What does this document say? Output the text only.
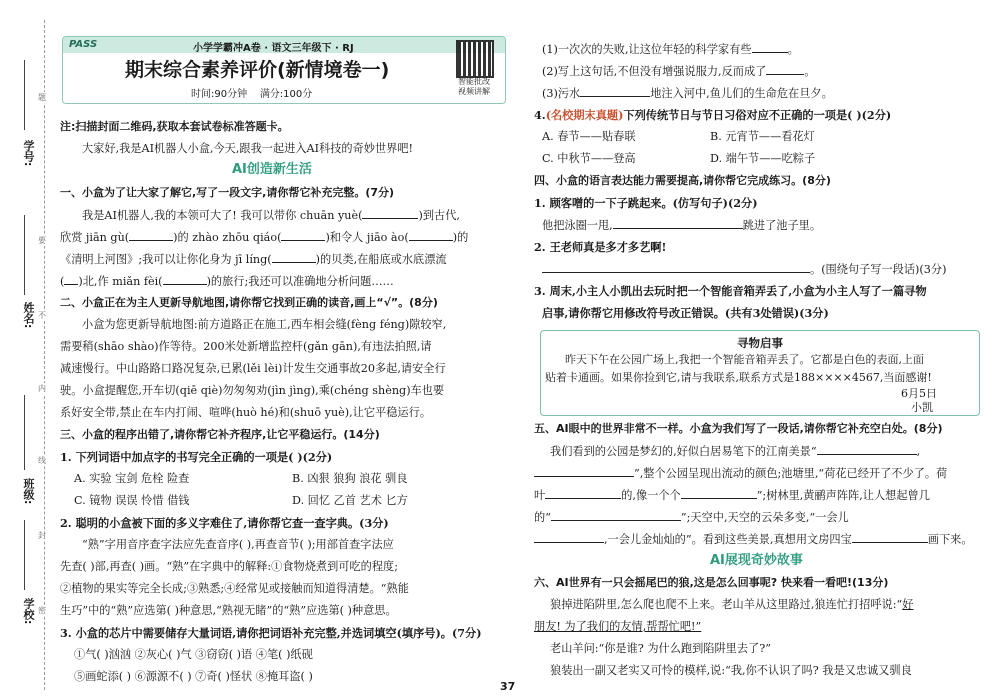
学号:
姓名:
班级:
学校:
题
要
不
内
线
封
密
PASS	小学学霸冲A卷 · 语文三年级下 · RJ
期末综合素养评价(新情境卷一)
时间:90分钟 满分:100分
智能批改
视频讲解
注:扫描封面二维码,获取本套试卷标准答题卡。
大家好,我是AI机器人小盒,今天,跟我一起进入AI科技的奇妙世界吧!
AI创造新生活
一、小盒为了让大家了解它,写了一段文字,请你帮它补充完整。(7分)
我是AI机器人,我的本领可大了! 我可以带你 chuān yuè(	)到古代,
欣赏 jiān gù(	)的 zhào zhōu qiáo(	)和令人 jiāo ào(	)的
《清明上河图》;我可以让你化身为 jī líng(	)的贝类,在船底或水底漂流
( )北,作 miǎn fèi(	)的旅行;我还可以准确地分析问题……
二、小盒正在为主人更新导航地图,请你帮它找到正确的读音,画上“√”。(8分)
小盒为您更新导航地图:前方道路正在施工,西车相会缝(fèng féng)隙较窄,
需要稍(shāo shào)作等待。200米处新增监控杆(gǎn gān),有违法拍照,请
减速慢行。中山路路口路况复杂,已累(lěi lèi)计发生交通事故20多起,请安全行
驶。小盒提醒您,开车切(qiē qiè)勿匆匆劝(jìn jìng),乘(chéng shèng)车也要
系好安全带,禁止在车内打闹、喧哗(huò hé)和(shuō yuè),让它平稳运行。
三、小盒的程序出错了,请你帮它补齐程序,让它平稳运行。(14分)
1. 下列词语中加点字的书写完全正确的一项是( )(2分)
A. 实验 宝剑 危栓 险查	B. 凶狠 狼狗 浪花 驯良
C. 镜物 误误 怜惜 借钱	D. 回忆 乙首 艺术 匕方
2. 聪明的小盒被下面的多义字难住了,请你帮它查一查字典。(3分)
“熟”字用音序查字法应先查音序( ),再查音节( );用部首查字法应
先查( )部,再查( )画。“熟”在字典中的解释:①食物烧煮到可吃的程度;
②植物的果实等完全长成;③熟悉;④经常见或接触而知道得清楚。“熟能
生巧”中的“熟”应选第( )种意思,“熟视无睹”的“熟”应选第( )种意思。
3. 小盒的芯片中需要储存大量词语,请你把词语补充完整,并选词填空(填序号)。(7分)
①气( )汹汹 ②灰心( )气 ③窃窃( )语 ④笔( )纸砚
⑤画蛇添( ) ⑥源源不( ) ⑦奇( )怪状 ⑧掩耳盗( )
(1)一次次的失败,让这位年轻的科学家有些	。
(2)写上这句话,不但没有增强说服力,反而成了	。
(3)污水	地注入河中,鱼儿们的生命危在旦夕。
4.(名校期末真题)下列传统节日与节日习俗对应不正确的一项是( )(2分)
A. 春节——贴春联	B. 元宵节——看花灯
C. 中秋节——登高	D. 端午节——吃粽子
四、小盒的语言表达能力需要提高,请你帮它完成练习。(8分)
1. 顾客噌的一下子跳起来。(仿写句子)(2分)
他把泳圈一甩,	跳进了池子里。
2. 王老师真是多才多艺啊!
。(围绕句子写一段话)(3分)
3. 周末,小主人小凯出去玩时把一个智能音箱弄丢了,小盒为小主人写了一篇寻物
启事,请你帮它用修改符号改正错误。(共有3处错误)(3分)
寻物启事
昨天下午在公园广场上,我把一个智能音箱弄丢了。它都是白色的表面,上面
贴着卡通画。如果你捡到它,请与我联系,联系方式是188××××4567,当面感谢!
6月5日
小凯
五、AI眼中的世界非常不一样。小盒为我们写了一段话,请你帮它补充空白处。(8分)
我们看到的公园是梦幻的,好似白居易笔下的江南美景“	,
”,整个公园呈现出流动的颜色;池塘里,“荷花已经开了不少了。荷
叶	的,像一个个	”;树林里,黄鹂声阵阵,让人想起曾几
的“	”;天空中,天空的云朵多变,“一会儿
,一会儿金灿灿的”。看到这些美景,真想用文房四宝	画下来。
AI展现奇妙故事
六、AI世界有一只会摇尾巴的狼,这是怎么回事呢? 快来看一看吧!(13分)
狼掉进陷阱里,怎么爬也爬不上来。老山羊从这里路过,狼连忙打招呼说:“好
朋友! 为了我们的友情,帮帮忙吧!”
老山羊问:“你是谁? 为什么跑到陷阱里去了?”
狼装出一副又老实又可怜的模样,说:“我,你不认识了吗? 我是又忠诚又驯良
37
